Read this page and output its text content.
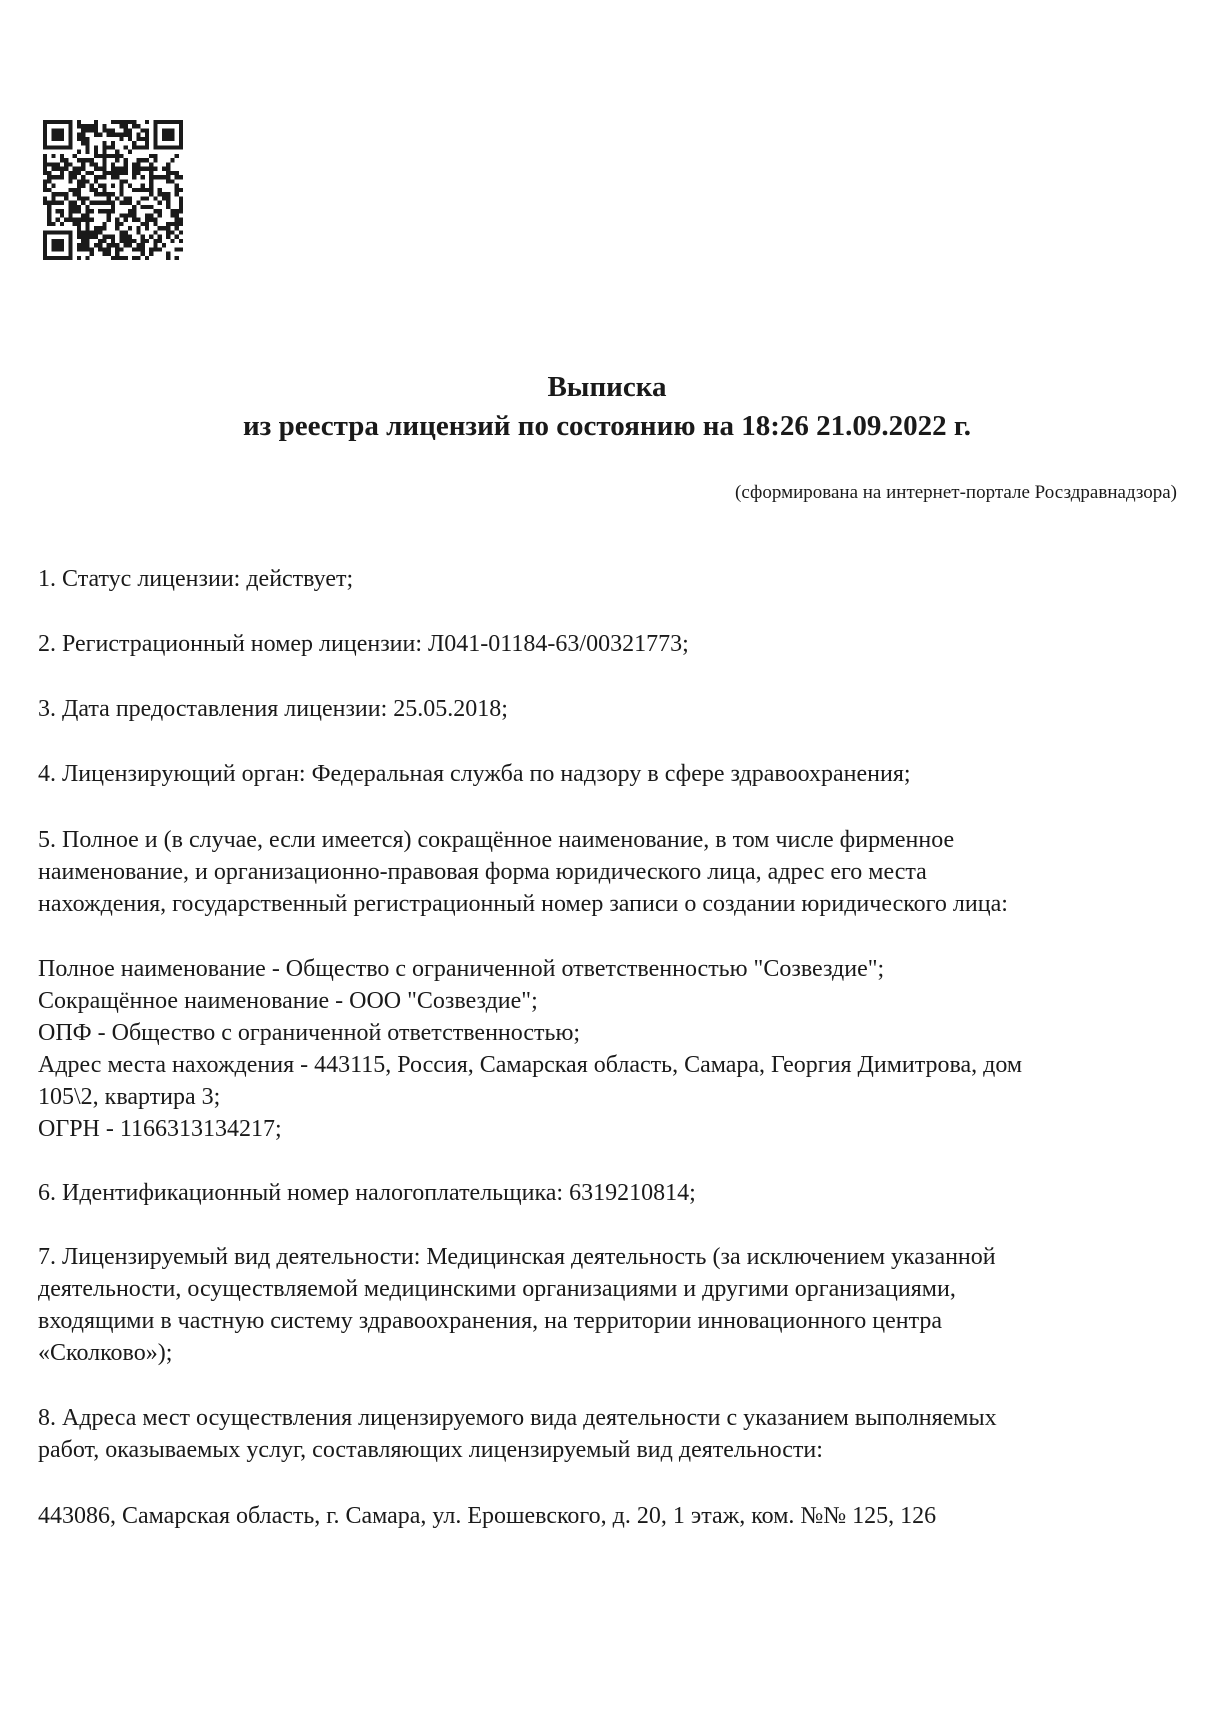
Выписка
из реестра лицензий по состоянию на 18:26 21.09.2022 г.
(сформирована на интернет-портале Росздравнадзора)
1. Статус лицензии: действует;
2. Регистрационный номер лицензии: Л041-01184-63/00321773;
3. Дата предоставления лицензии: 25.05.2018;
4. Лицензирующий орган: Федеральная служба по надзору в сфере здравоохранения;
5. Полное и (в случае, если имеется) сокращённое наименование, в том числе фирменное
наименование, и организационно-правовая форма юридического лица, адрес его места
нахождения, государственный регистрационный номер записи о создании юридического лица:
Полное наименование - Общество с ограниченной ответственностью "Созвездие";
Сокращённое наименование - ООО "Созвездие";
ОПФ - Общество с ограниченной ответственностью;
Адрес места нахождения - 443115, Россия, Самарская область, Самара, Георгия Димитрова, дом
105\2, квартира 3;
ОГРН - 1166313134217;
6. Идентификационный номер налогоплательщика: 6319210814;
7. Лицензируемый вид деятельности: Медицинская деятельность (за исключением указанной
деятельности, осуществляемой медицинскими организациями и другими организациями,
входящими в частную систему здравоохранения, на территории инновационного центра
«Сколково»);
8. Адреса мест осуществления лицензируемого вида деятельности с указанием выполняемых
работ, оказываемых услуг, составляющих лицензируемый вид деятельности:
443086, Самарская область, г. Самара, ул. Ерошевского, д. 20, 1 этаж, ком. №№ 125, 126
